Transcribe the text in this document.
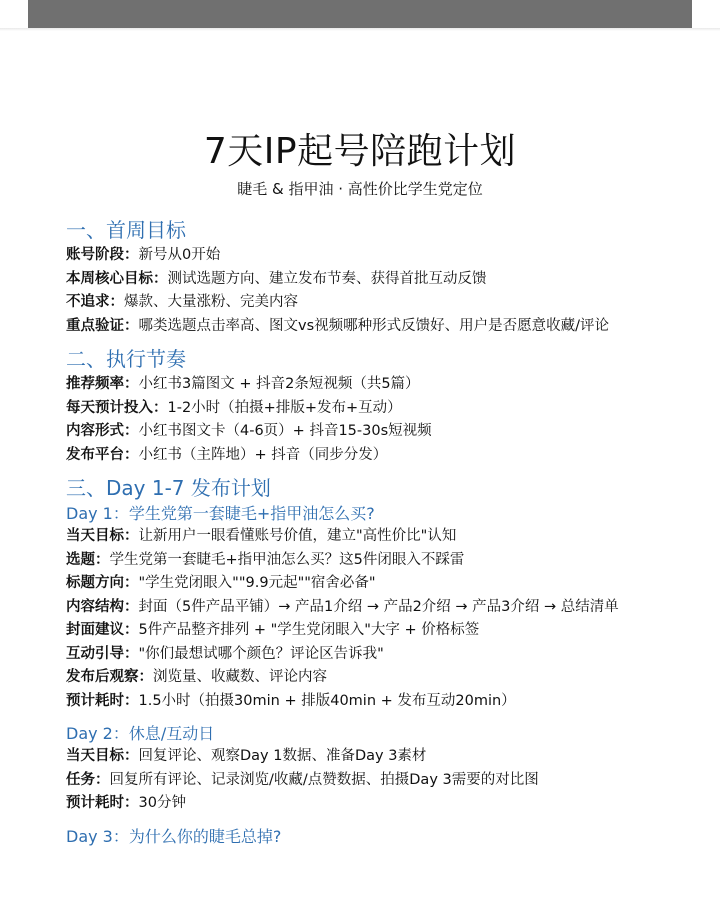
7天IP起号陪跑计划
睫毛 & 指甲油 · 高性价比学生党定位
一、首周目标

账号阶段：新号从0开始

本周核心目标：测试选题方向、建立发布节奏、获得首批互动反馈

不追求：爆款、大量涨粉、完美内容

重点验证：哪类选题点击率高、图文vs视频哪种形式反馈好、用户是否愿意收藏/评论

二、执行节奏

推荐频率：小红书3篇图文 + 抖音2条短视频（共5篇）

每天预计投入：1-2小时（拍摄+排版+发布+互动）

内容形式：小红书图文卡（4-6页）+ 抖音15-30s短视频

发布平台：小红书（主阵地）+ 抖音（同步分发）

三、Day 1-7 发布计划
Day 1：学生党第一套睫毛+指甲油怎么买?

当天目标：让新用户一眼看懂账号价值，建立"高性价比"认知

选题：学生党第一套睫毛+指甲油怎么买？这5件闭眼入不踩雷

标题方向："学生党闭眼入""9.9元起""宿舍必备"

内容结构：封面（5件产品平铺）→ 产品1介绍 → 产品2介绍 → 产品3介绍 → 总结清单

封面建议：5件产品整齐排列 + "学生党闭眼入"大字 + 价格标签

互动引导："你们最想试哪个颜色？评论区告诉我"

发布后观察：浏览量、收藏数、评论内容

预计耗时：1.5小时（拍摄30min + 排版40min + 发布互动20min）

Day 2：休息/互动日

当天目标：回复评论、观察Day 1数据、准备Day 3素材

任务：回复所有评论、记录浏览/收藏/点赞数据、拍摄Day 3需要的对比图

预计耗时：30分钟

Day 3：为什么你的睫毛总掉?
